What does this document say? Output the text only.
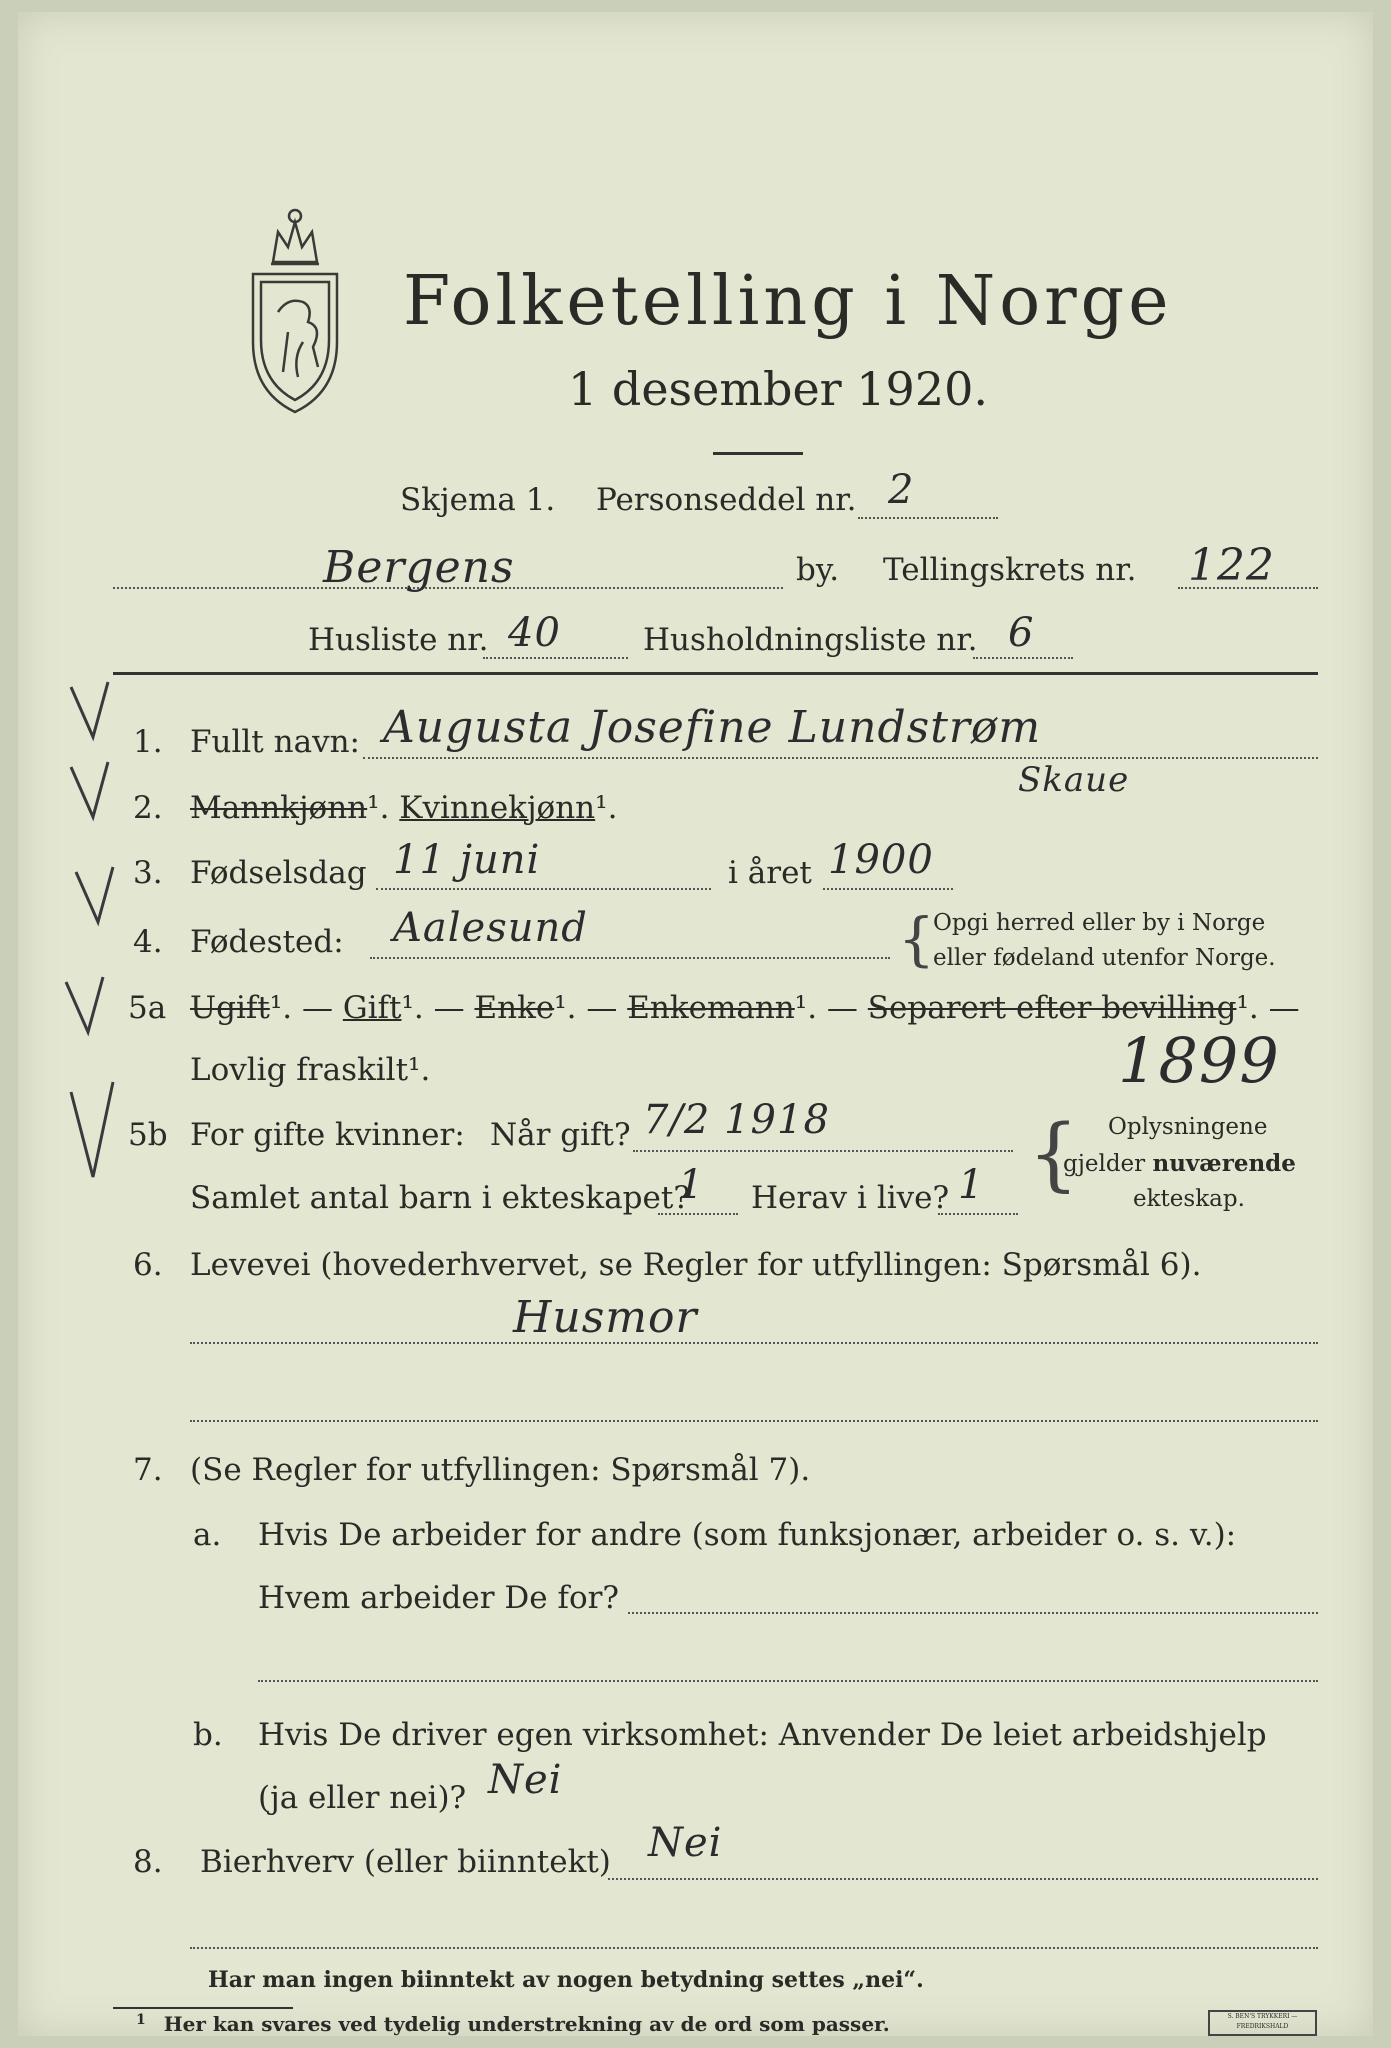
Folketelling i Norge
1 desember 1920.
Skjema 1. Personseddel nr. 2
Bergens	by. Tellingskrets nr. 122
Husliste nr. 40	Husholdningsliste nr. 6
1. Fullt navn: Augusta Josefine Lundstrøm
Skaue
2. Mannkjønn¹. Kvinnekjønn¹.
3. Fødselsdag 11 juni	i året 1900
4. Fødested: Aalesund	{
Opgi herred eller by i Norge
eller fødeland utenfor Norge.
5a Ugift¹. — Gift¹. — Enke¹. — Enkemann¹. — Separert efter bevilling¹. —
Lovlig fraskilt¹.	1899
5b For gifte kvinner: Når gift? 7/2 1918
Samlet antal barn i ekteskapet?
1 Herav i live? 1 { Oplysningene
gjelder nuværende
ekteskap.
6. Levevei (hovederhvervet, se Regler for utfyllingen: Spørsmål 6).
Husmor
7. (Se Regler for utfyllingen: Spørsmål 7).
a. Hvis De arbeider for andre (som funksjonær, arbeider o. s. v.):
Hvem arbeider De for?
b. Hvis De driver egen virksomhet: Anvender De leiet arbeidshjelp
(ja eller nei)? Nei
8. Bierhverv (eller biinntekt) Nei
Har man ingen biinntekt av nogen betydning settes „nei“.
$^1$ Her kan svares ved tydelig understrekning av de ord som passer.	S. BEN'S TRYKKERI — FREDRIKSHALD
